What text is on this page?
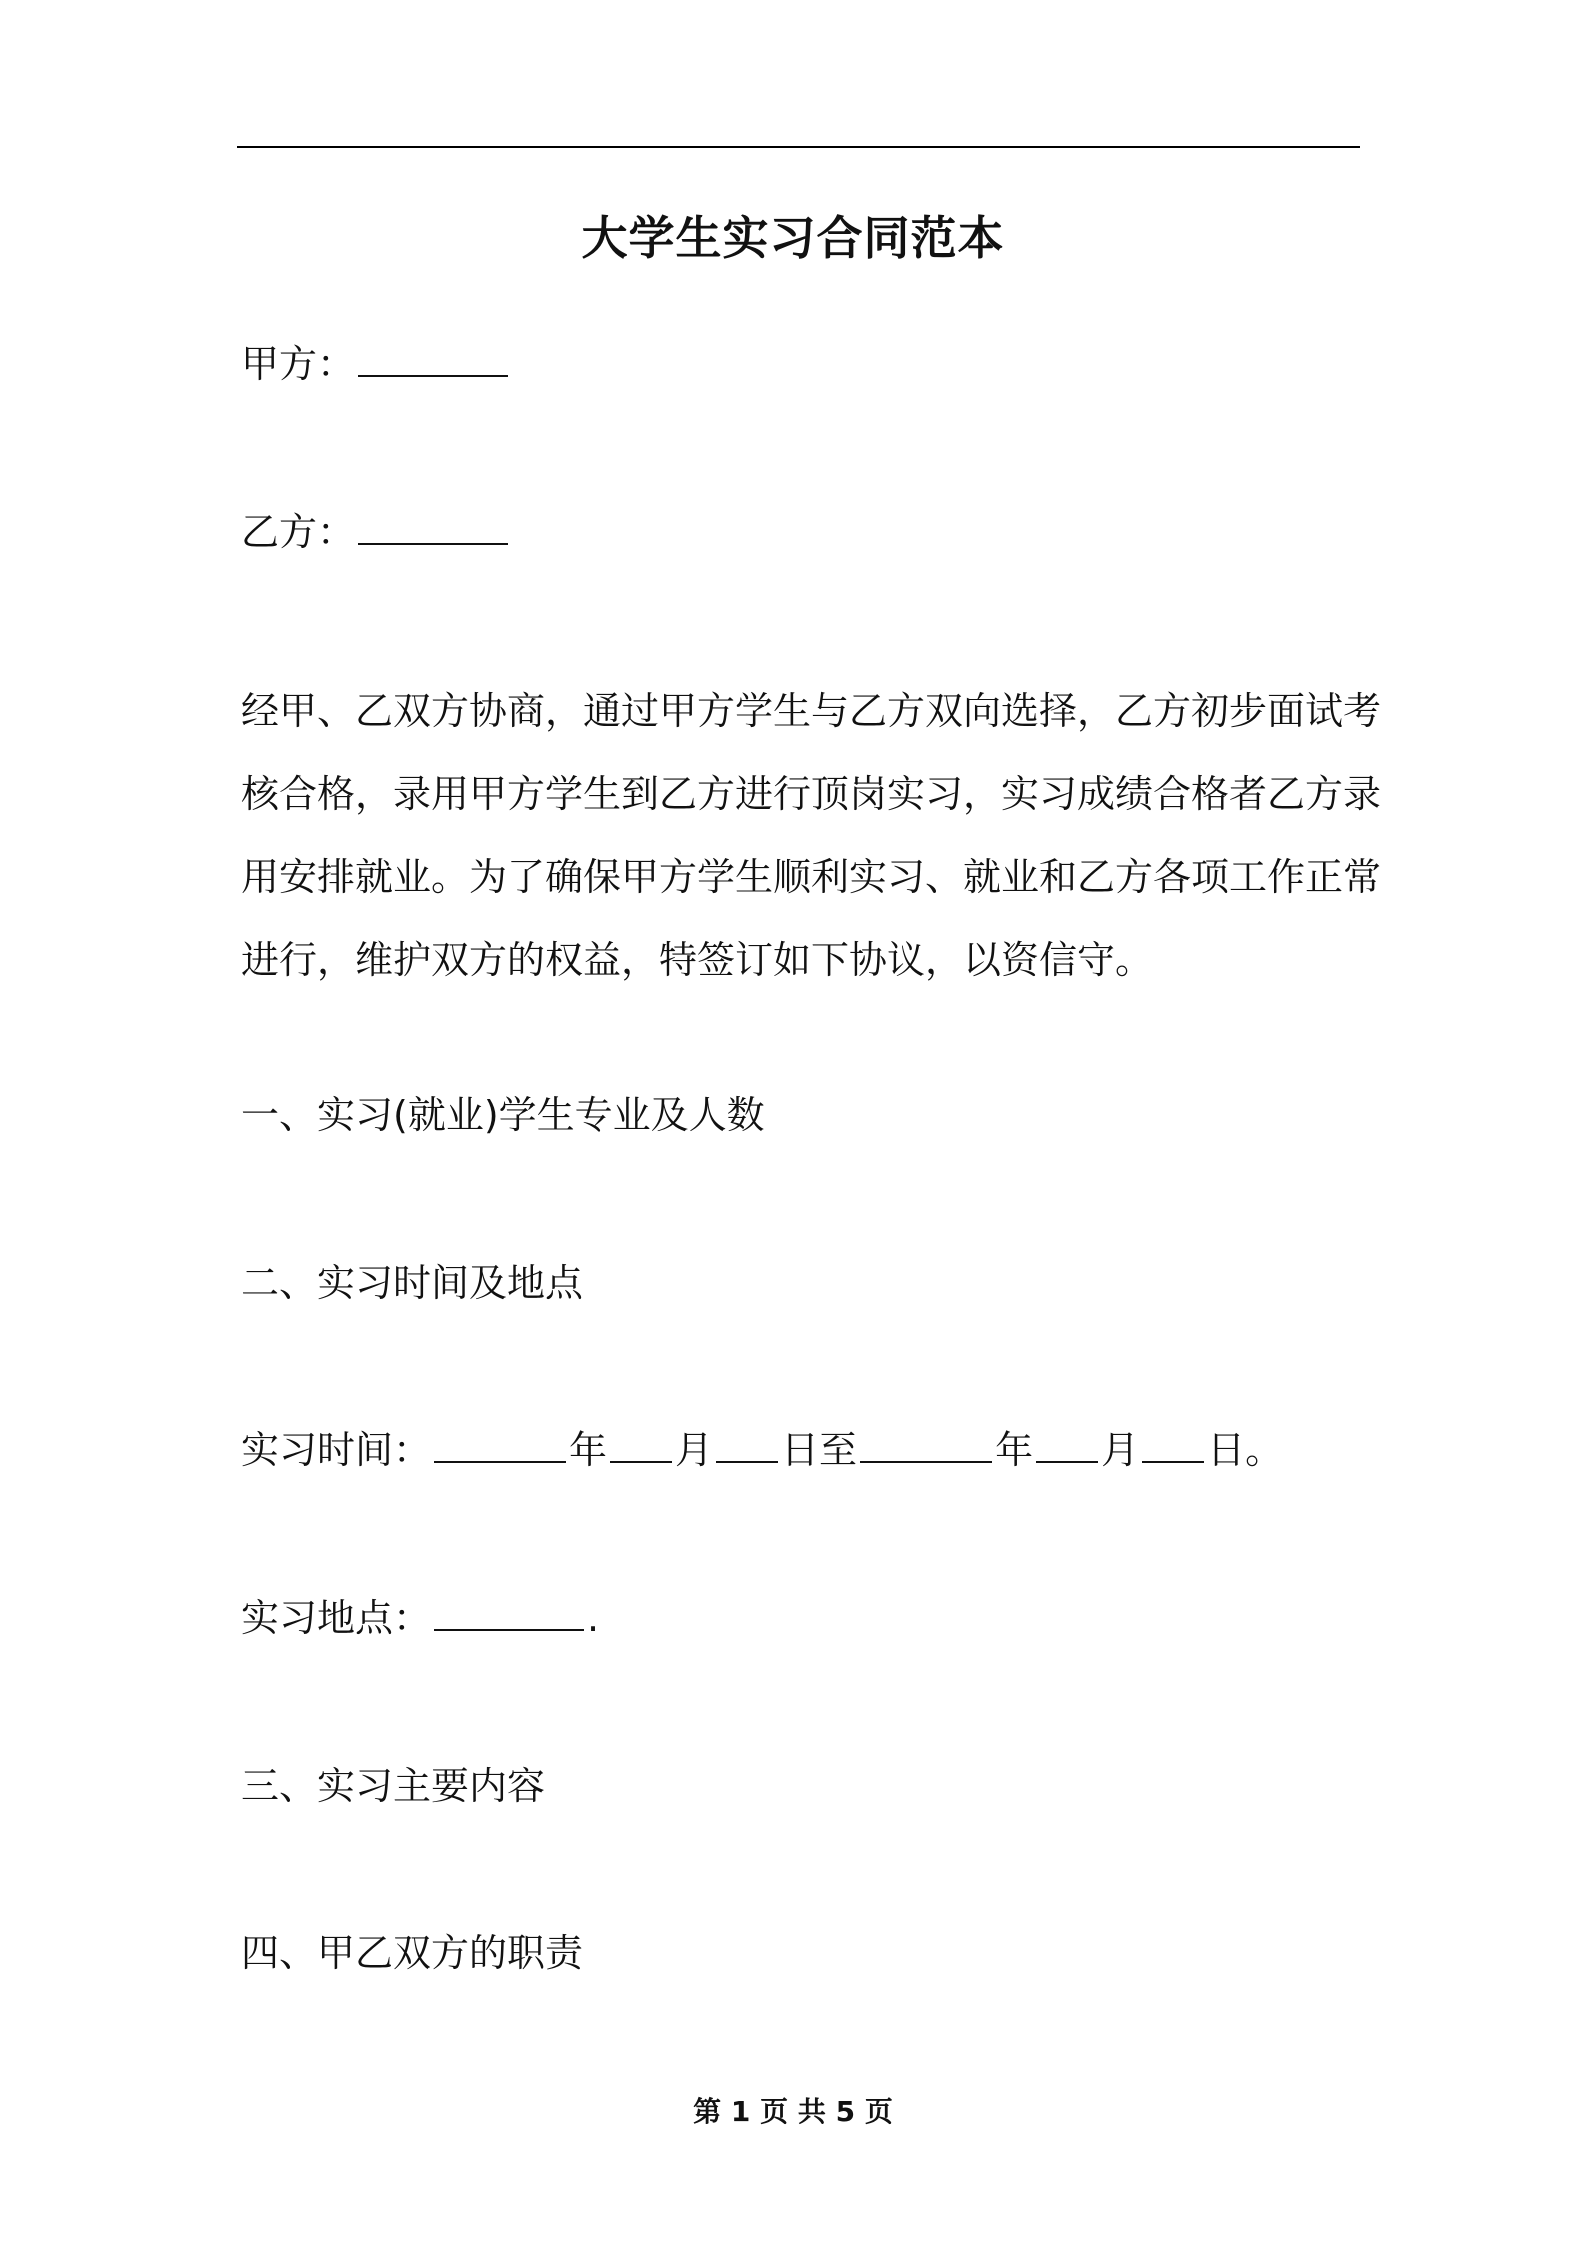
大学生实习合同范本
甲方：
乙方：
经甲、乙双方协商，通过甲方学生与乙方双向选择，乙方初步面试考
核合格，录用甲方学生到乙方进行顶岗实习，实习成绩合格者乙方录
用安排就业。为了确保甲方学生顺利实习、就业和乙方各项工作正常
进行，维护双方的权益，特签订如下协议，以资信守。
一、实习(就业)学生专业及人数
二、实习时间及地点
实习时间：	年 月 日至	年 月 日。
实习地点：	.
三、实习主要内容
四、甲乙双方的职责
第 1 页 共 5 页
